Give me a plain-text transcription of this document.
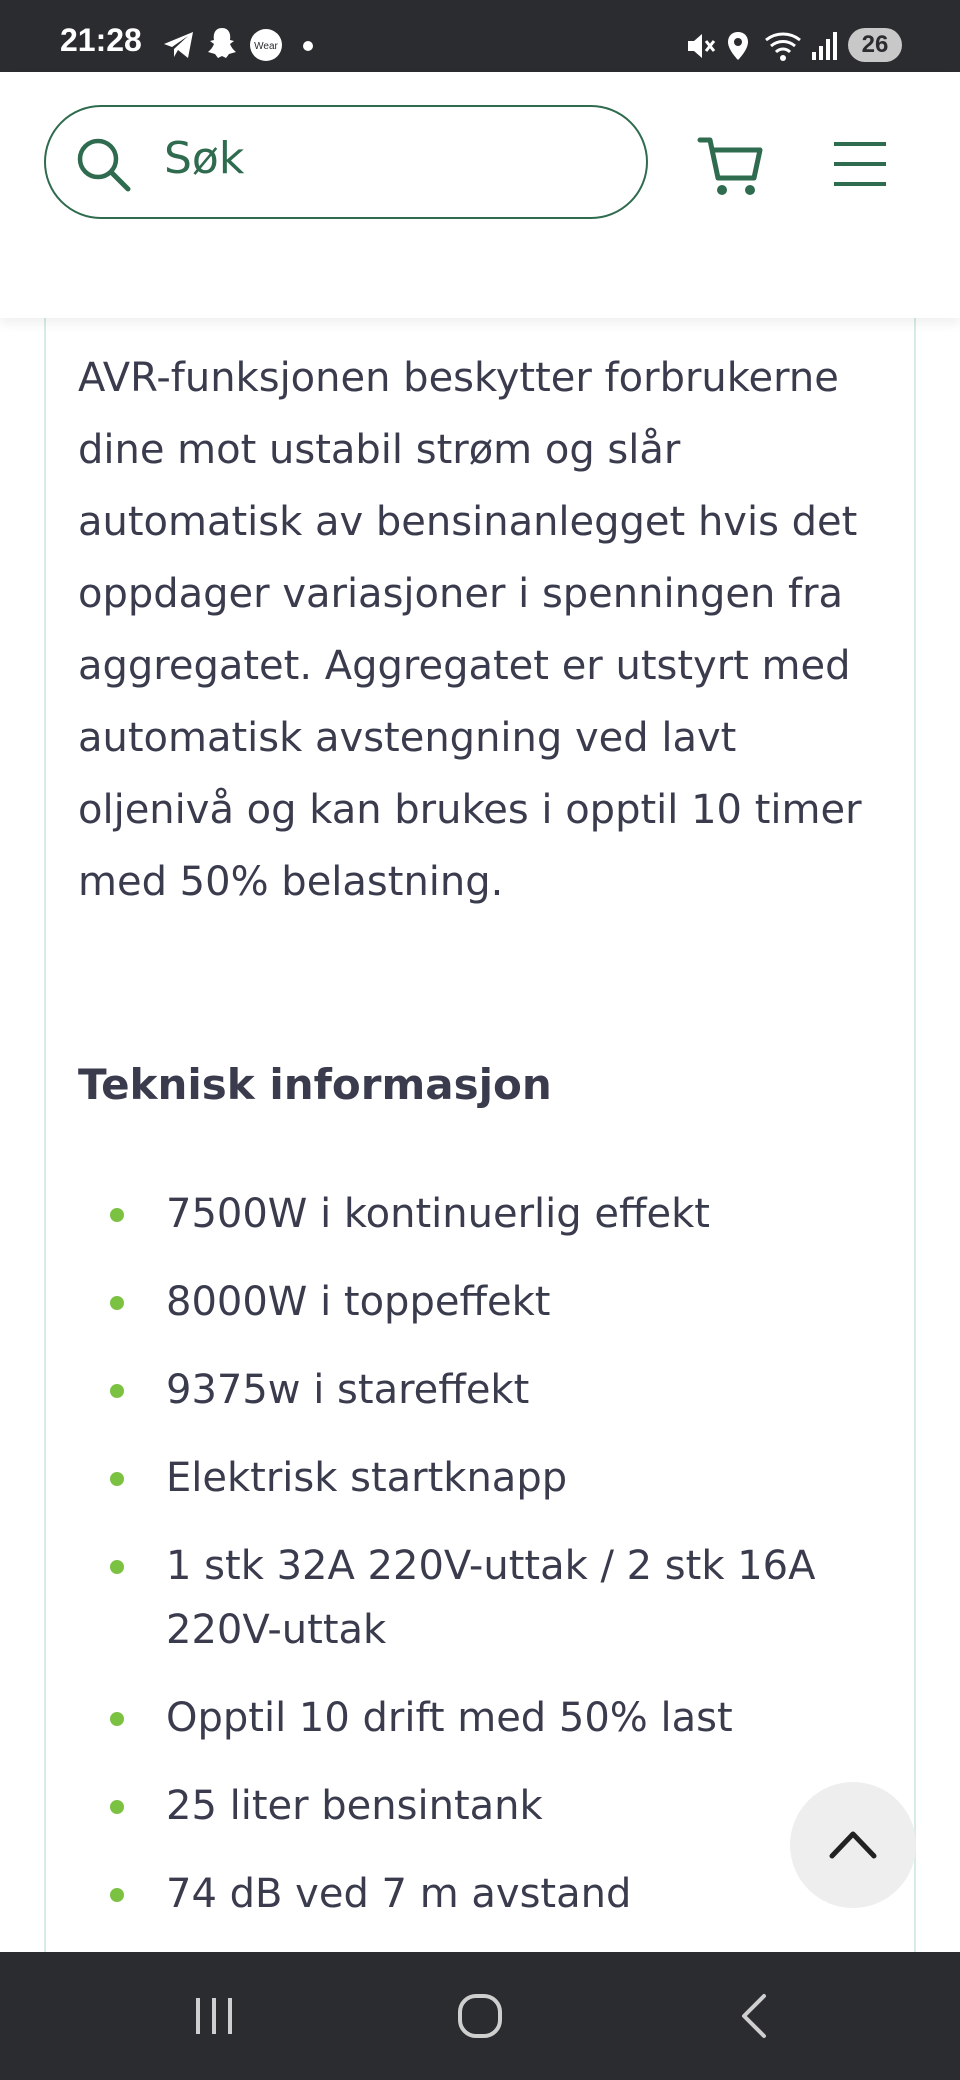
21:28	Wear	26
Søk

AVR-funksjonen beskytter forbrukerne dine mot ustabil strøm og slår automatisk av bensinanlegget hvis det oppdager variasjoner i spenningen fra aggregatet. Aggregatet er utstyrt med automatisk avstengning ved lavt oljenivå og kan brukes i opptil 10 timer med 50% belastning.

Teknisk informasjon
7500W i kontinuerlig effekt
8000W i toppeffekt
9375w i stareffekt
Elektrisk startknapp
1 stk 32A 220V-uttak / 2 stk 16A 220V-uttak
Opptil 10 drift med 50% last
25 liter bensintank
74 dB ved 7 m avstand
